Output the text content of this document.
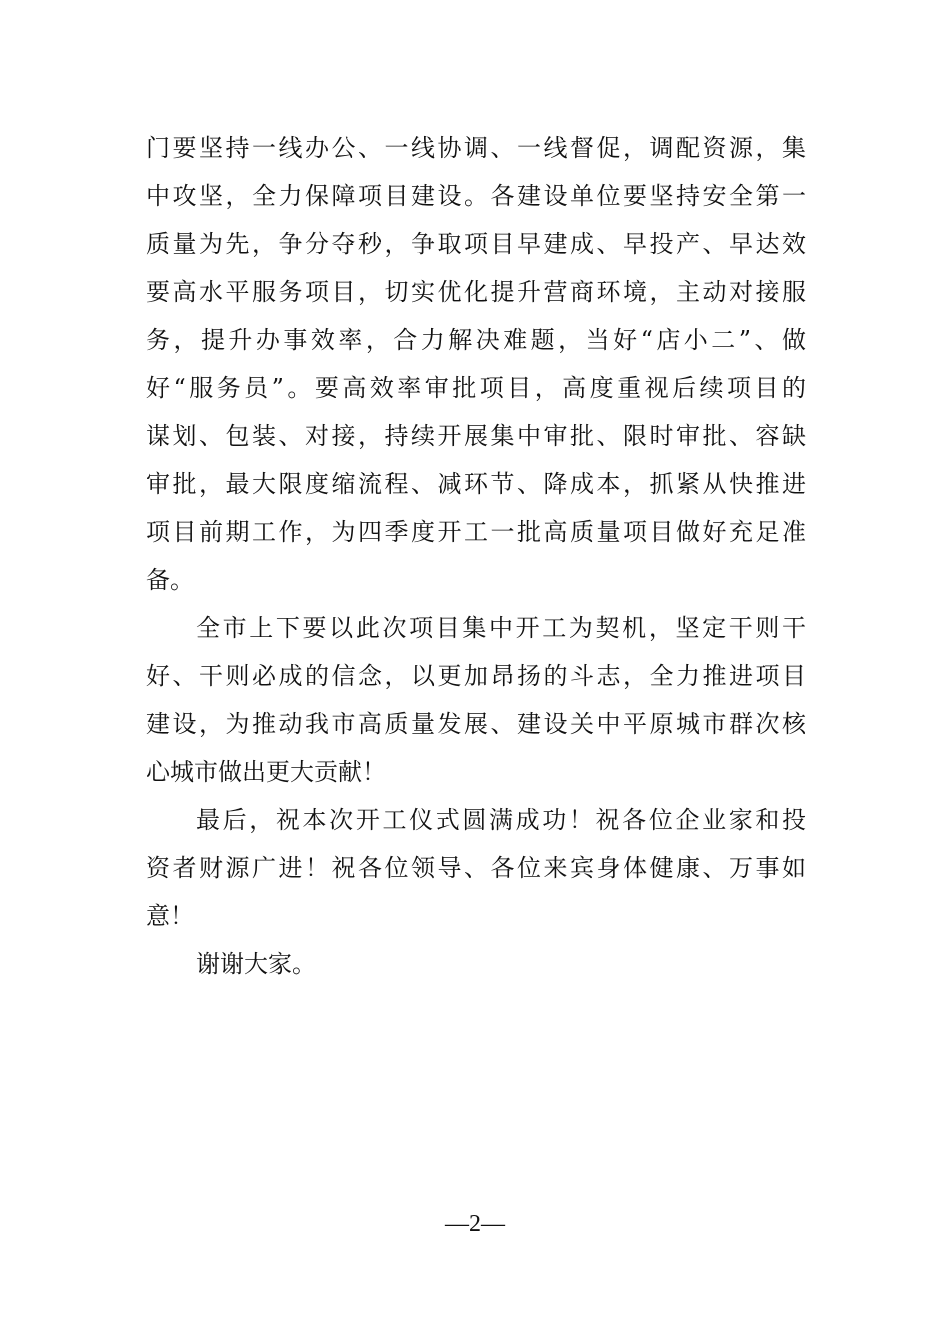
门要坚持一线办公、一线协调、一线督促，调配资源，集
中攻坚，全力保障项目建设。各建设单位要坚持安全第一
质量为先，争分夺秒，争取项目早建成、早投产、早达效
要高水平服务项目，切实优化提升营商环境，主动对接服
务，提升办事效率，合力解决难题，当好“店小二”、做
好“服务员”。要高效率审批项目，高度重视后续项目的
谋划、包装、对接，持续开展集中审批、限时审批、容缺
审批，最大限度缩流程、减环节、降成本，抓紧从快推进
项目前期工作，为四季度开工一批高质量项目做好充足准
备。
全市上下要以此次项目集中开工为契机，坚定干则干
好、干则必成的信念，以更加昂扬的斗志，全力推进项目
建设，为推动我市高质量发展、建设关中平原城市群次核
心城市做出更大贡献！
最后，祝本次开工仪式圆满成功！祝各位企业家和投
资者财源广进！祝各位领导、各位来宾身体健康、万事如
意！
谢谢大家。
—2—
